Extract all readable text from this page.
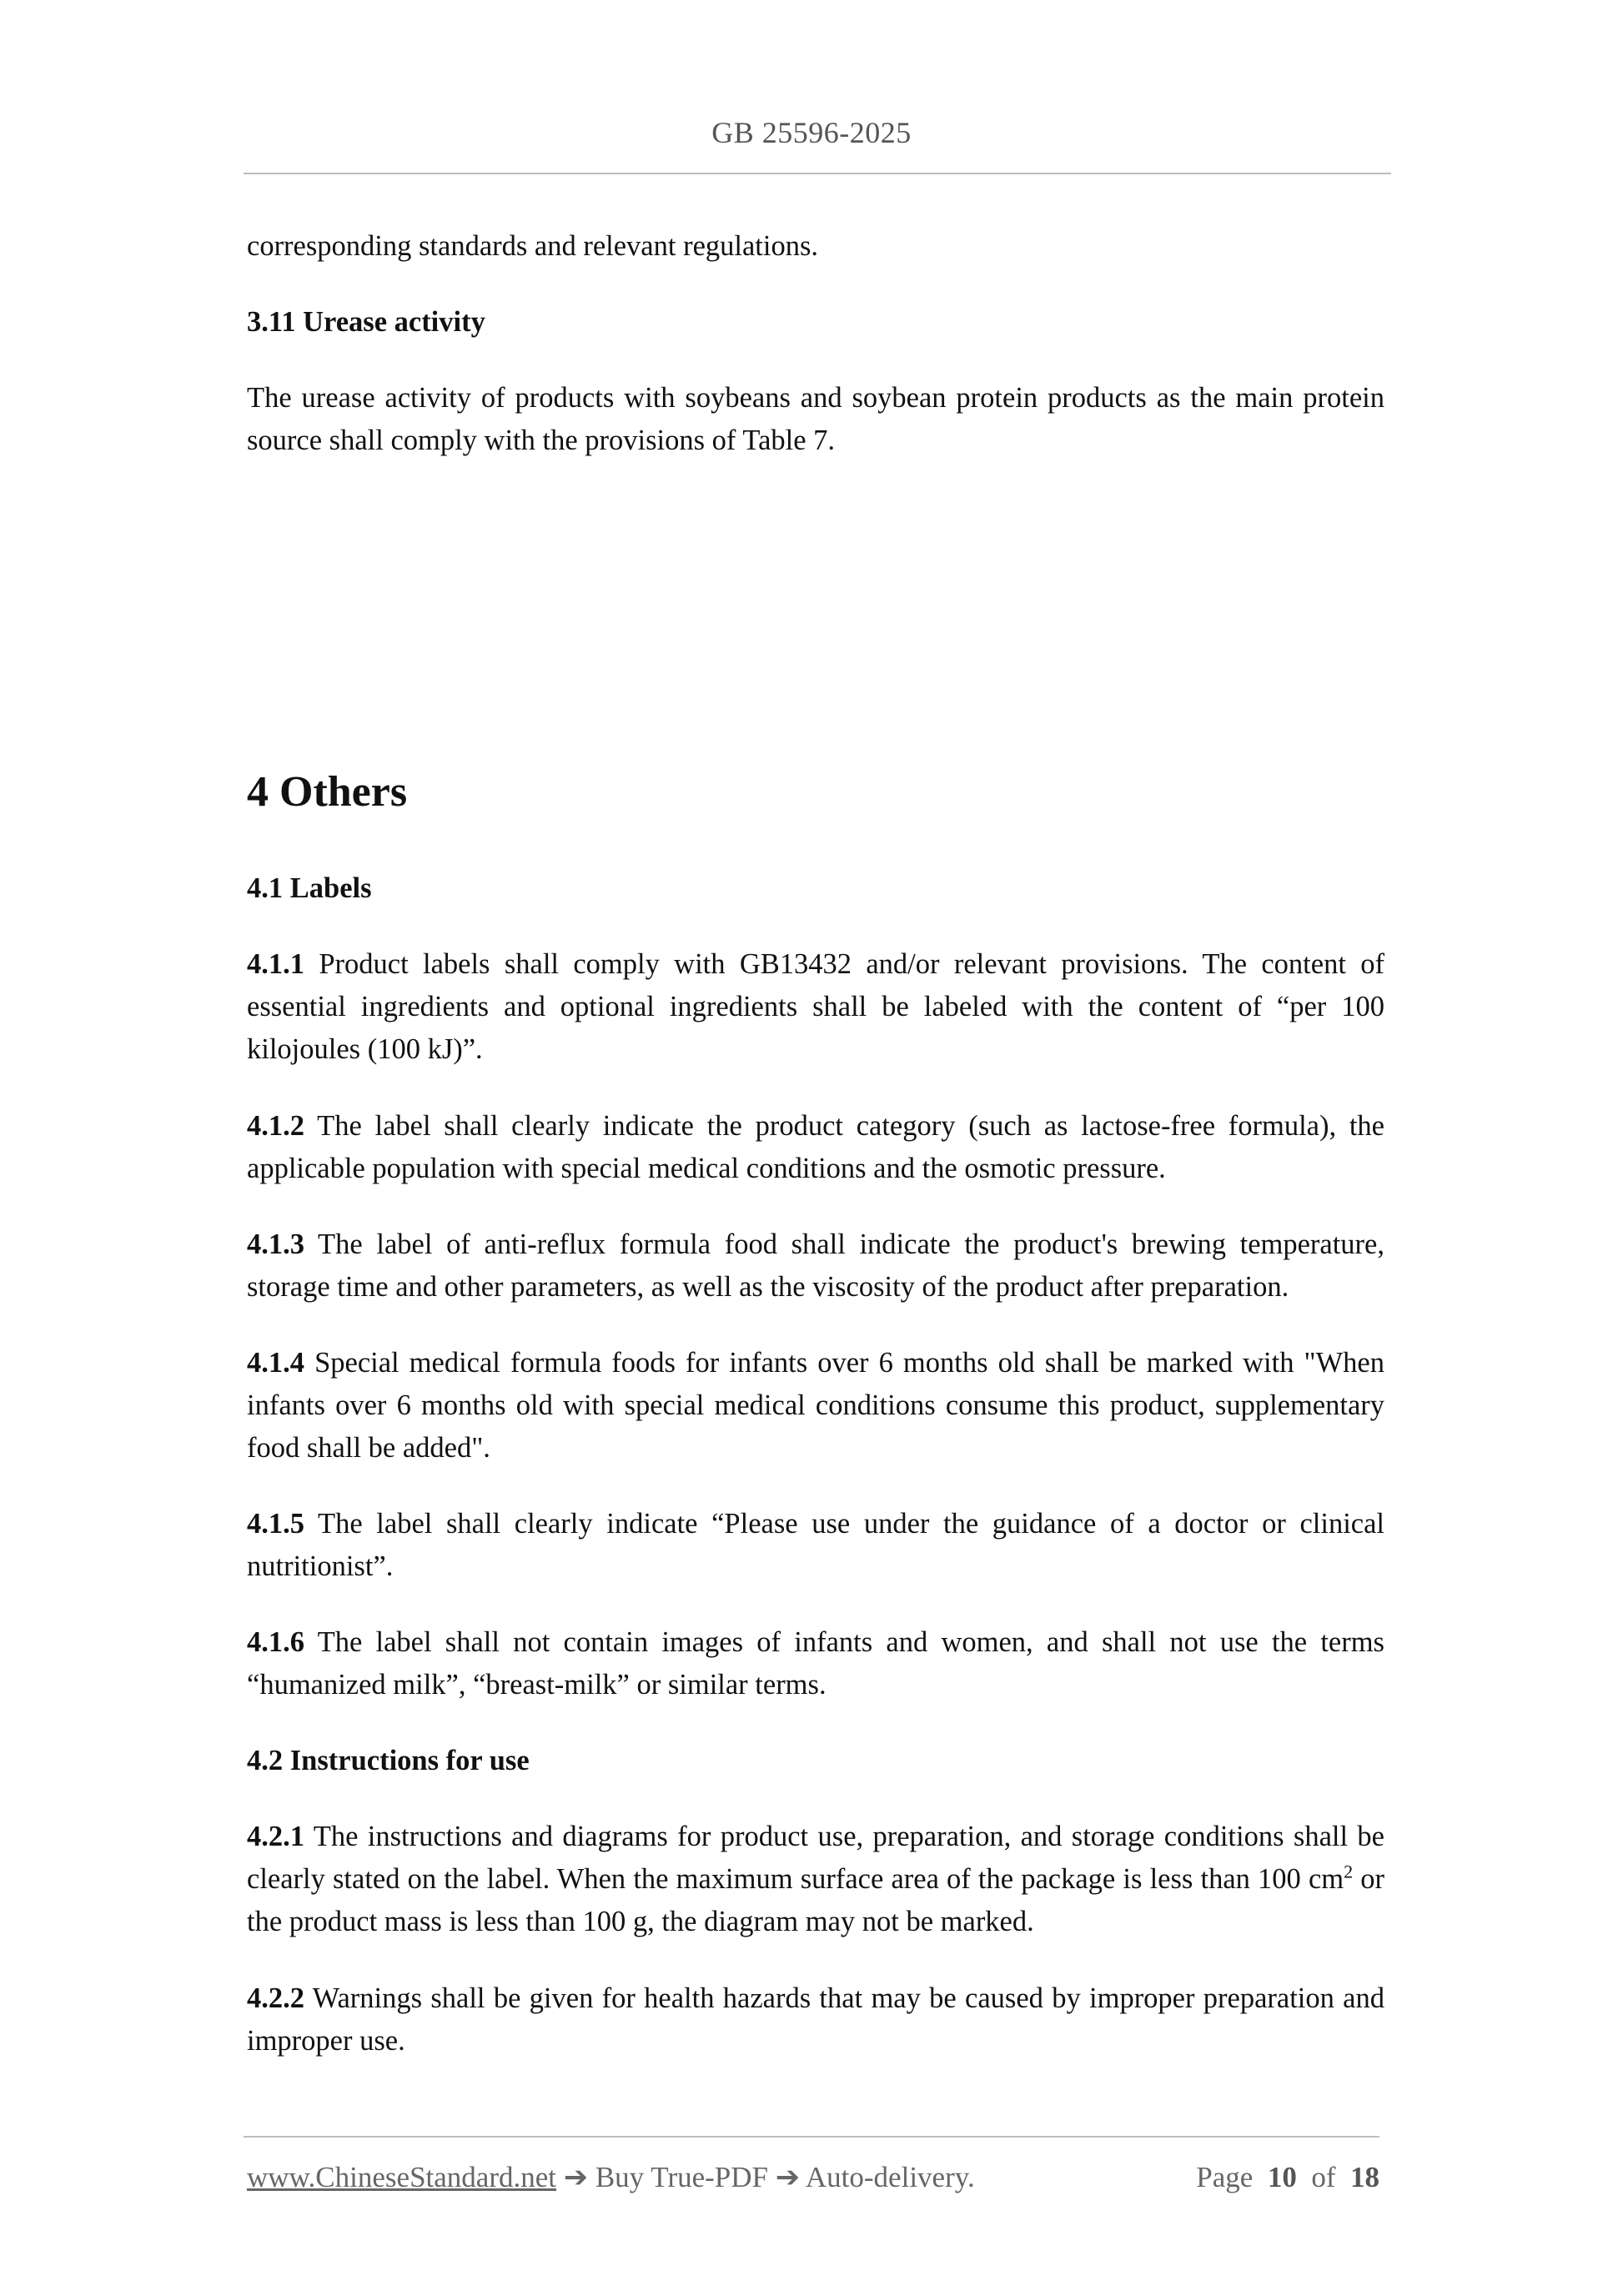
GB 25596-2025

corresponding standards and relevant regulations.

3.11 Urease activity

The urease activity of products with soybeans and soybean protein products as the main protein source shall comply with the provisions of Table 7.

4 Others

4.1 Labels

4.1.1 Product labels shall comply with GB13432 and/or relevant provisions. The content of essential ingredients and optional ingredients shall be labeled with the content of “per 100 kilojoules (100 kJ)”.

4.1.2 The label shall clearly indicate the product category (such as lactose-free formula), the applicable population with special medical conditions and the osmotic pressure.

4.1.3 The label of anti-reflux formula food shall indicate the product's brewing temperature, storage time and other parameters, as well as the viscosity of the product after preparation.

4.1.4 Special medical formula foods for infants over 6 months old shall be marked with "When infants over 6 months old with special medical conditions consume this product, supplementary food shall be added".

4.1.5 The label shall clearly indicate “Please use under the guidance of a doctor or clinical nutritionist”.

4.1.6 The label shall not contain images of infants and women, and shall not use the terms “humanized milk”, “breast-milk” or similar terms.

4.2 Instructions for use

4.2.1 The instructions and diagrams for product use, preparation, and storage conditions shall be clearly stated on the label. When the maximum surface area of the package is less than 100 $cm^2$ or the product mass is less than 100 g, the diagram may not be marked.

4.2.2 Warnings shall be given for health hazards that may be caused by improper preparation and improper use.

www.ChineseStandard.net ➔ Buy True-PDF ➔ Auto-delivery.	Page 10 of 18
